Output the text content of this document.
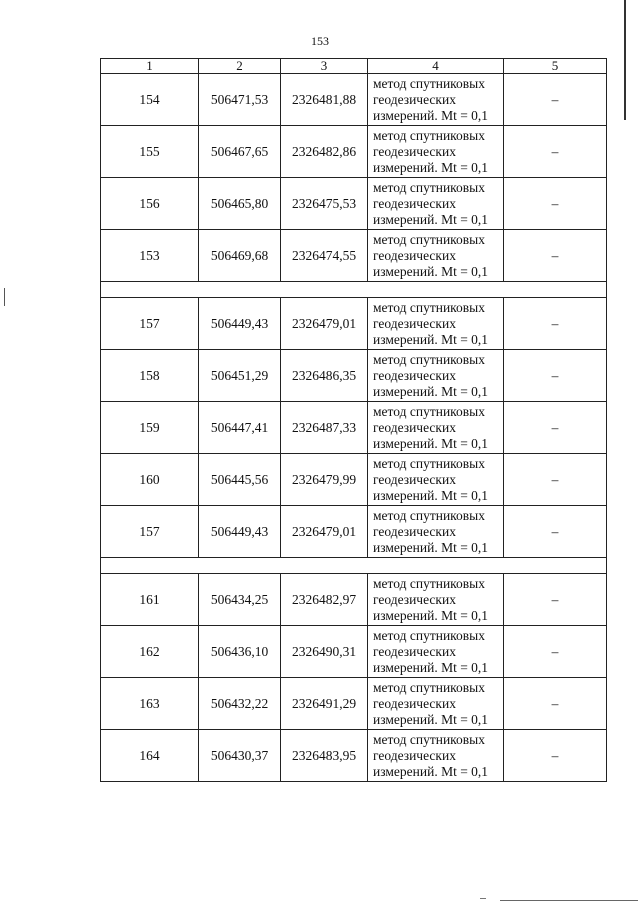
153
1	2	3	4	5
154	506471,53	2326481,88	метод спутниковых
геодезических
измерений. Mt = 0,1	–
155	506467,65	2326482,86	метод спутниковых
геодезических
измерений. Mt = 0,1	–
156	506465,80	2326475,53	метод спутниковых
геодезических
измерений. Mt = 0,1	–
153	506469,68	2326474,55	метод спутниковых
геодезических
измерений. Mt = 0,1	–

157	506449,43	2326479,01	метод спутниковых
геодезических
измерений. Mt = 0,1	–
158	506451,29	2326486,35	метод спутниковых
геодезических
измерений. Mt = 0,1	–
159	506447,41	2326487,33	метод спутниковых
геодезических
измерений. Mt = 0,1	–
160	506445,56	2326479,99	метод спутниковых
геодезических
измерений. Mt = 0,1	–
157	506449,43	2326479,01	метод спутниковых
геодезических
измерений. Mt = 0,1	–

161	506434,25	2326482,97	метод спутниковых
геодезических
измерений. Mt = 0,1	–
162	506436,10	2326490,31	метод спутниковых
геодезических
измерений. Mt = 0,1	–
163	506432,22	2326491,29	метод спутниковых
геодезических
измерений. Mt = 0,1	–
164	506430,37	2326483,95	метод спутниковых
геодезических
измерений. Mt = 0,1	–
